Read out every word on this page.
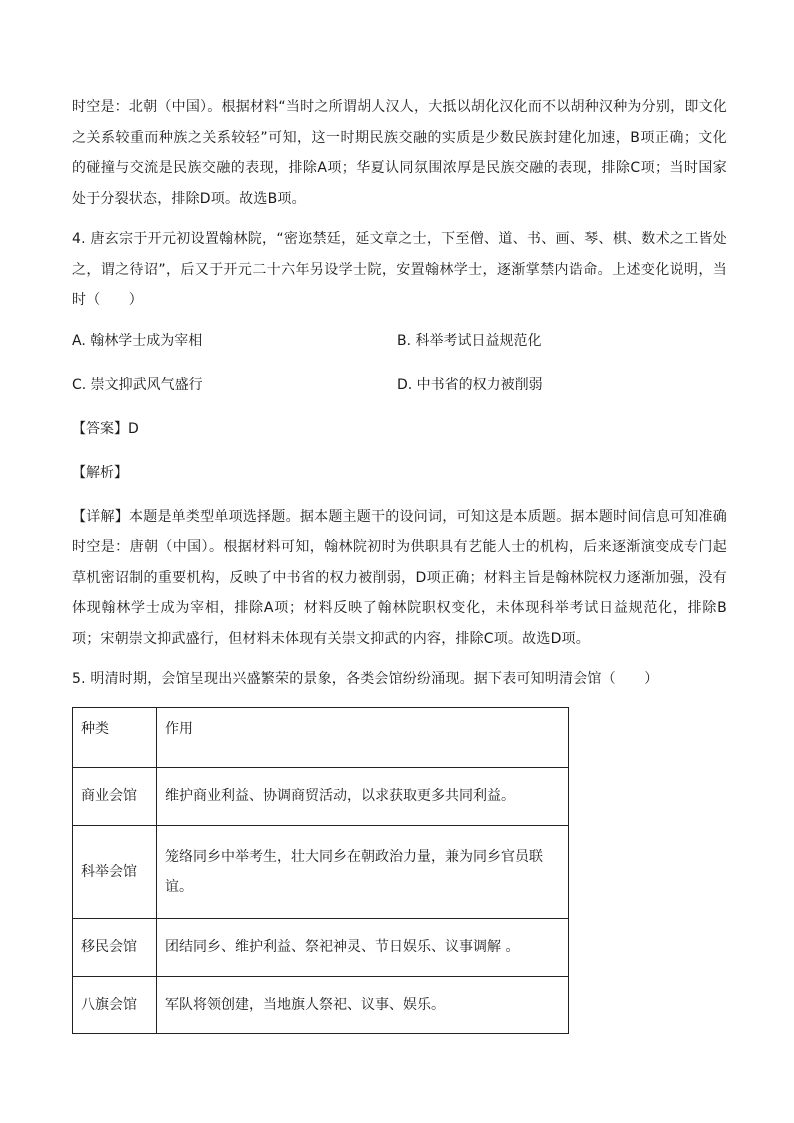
时空是：北朝（中国）。根据材料“当时之所谓胡人汉人，大抵以胡化汉化而不以胡种汉种为分别，即文化之关系较重而种族之关系较轻”可知，这一时期民族交融的实质是少数民族封建化加速，B项正确；文化的碰撞与交流是民族交融的表现，排除A项；华夏认同氛围浓厚是民族交融的表现，排除C项；当时国家处于分裂状态，排除D项。故选B项。

4. 唐玄宗于开元初设置翰林院，“密迩禁廷，延文章之士，下至僧、道、书、画、琴、棋、数术之工皆处之，谓之待诏”，后又于开元二十六年另设学士院，安置翰林学士，逐渐掌禁内诰命。上述变化说明，当时（　　）

A. 翰林学士成为宰相	B. 科举考试日益规范化
C. 崇文抑武风气盛行	D. 中书省的权力被削弱

【答案】D

【解析】

【详解】本题是单类型单项选择题。据本题主题干的设问词，可知这是本质题。据本题时间信息可知准确时空是：唐朝（中国）。根据材料可知，翰林院初时为供职具有艺能人士的机构，后来逐渐演变成专门起草机密诏制的重要机构，反映了中书省的权力被削弱，D项正确；材料主旨是翰林院权力逐渐加强，没有体现翰林学士成为宰相，排除A项；材料反映了翰林院职权变化，未体现科举考试日益规范化，排除B项；宋朝崇文抑武盛行，但材料未体现有关崇文抑武的内容，排除C项。故选D项。

5. 明清时期，会馆呈现出兴盛繁荣的景象，各类会馆纷纷涌现。据下表可知明清会馆（　　）

种类	作用
商业会馆	维护商业利益、协调商贸活动，以求获取更多共同利益。
科举会馆	笼络同乡中举考生，壮大同乡在朝政治力量，兼为同乡官员联谊。
移民会馆	团结同乡、维护利益、祭祀神灵、节日娱乐、议事调解 。
八旗会馆	军队将领创建，当地旗人祭祀、议事、娱乐。
